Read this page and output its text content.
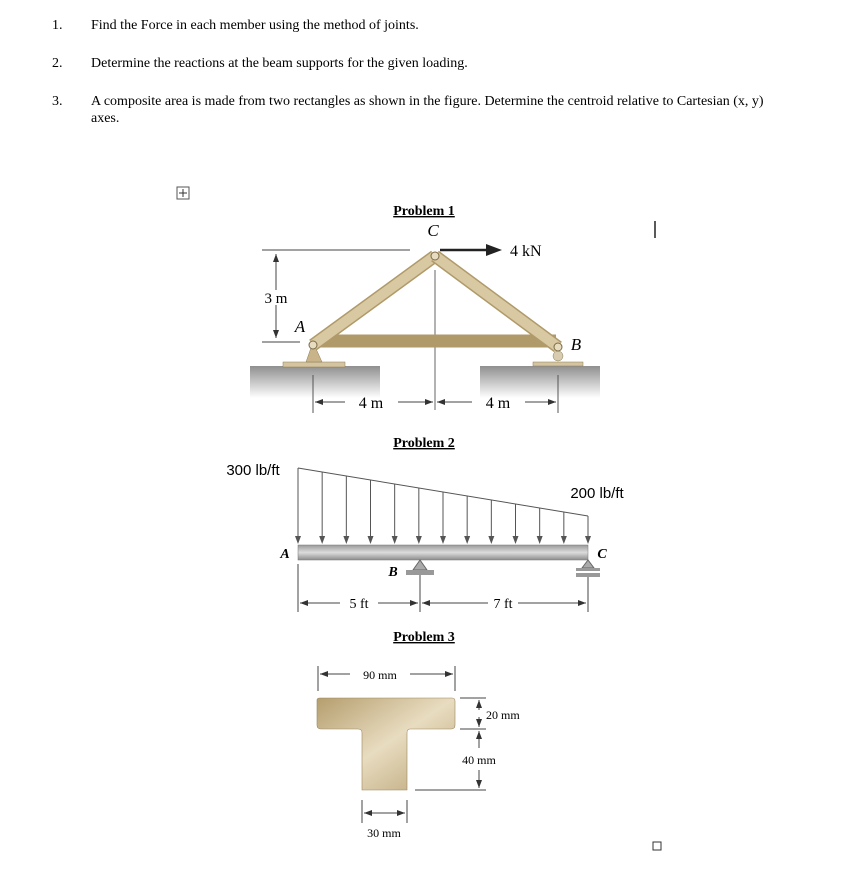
1. Find the Force in each member using the method of joints.
2. Determine the reactions at the beam supports for the given loading.
3. A composite area is made from two rectangles as shown in the figure. Determine the centroid relative to Cartesian (x, y) axes.
Problem 1
3 m
C
A
B
4 kN
4 m	4 m
Problem 2
300 lb/ft
200 lb/ft
A	C
B
5 ft	7 ft
Problem 3
90 mm
20 mm
40 mm
30 mm
